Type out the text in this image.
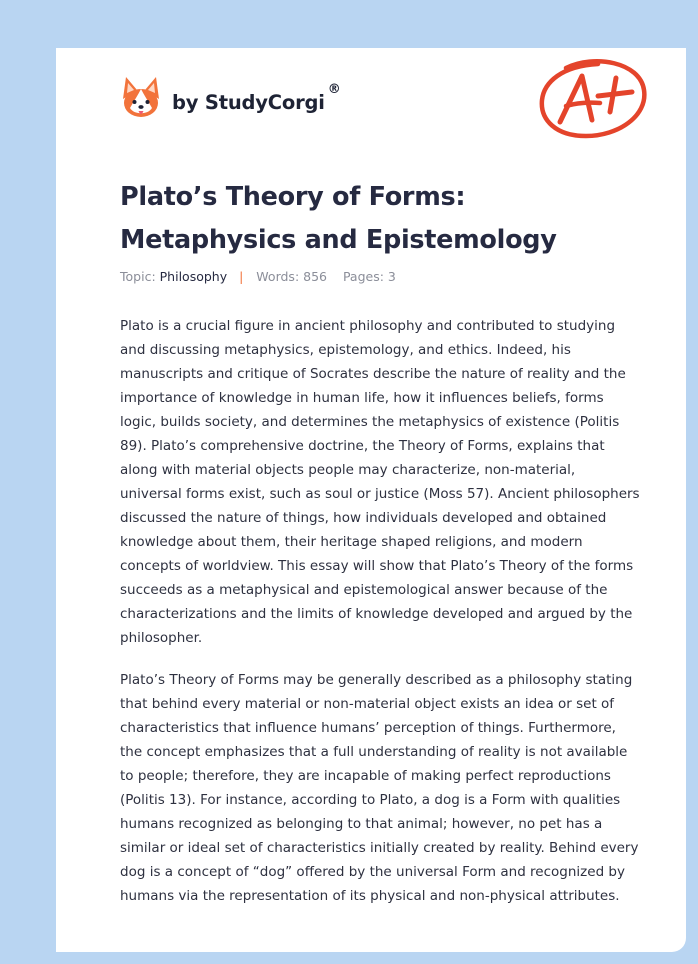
by StudyCorgi
®
Plato’s Theory of Forms: Metaphysics and Epistemology
Topic: Philosophy | Words: 856 Pages: 3

Plato is a crucial figure in ancient philosophy and contributed to studying and discussing metaphysics, epistemology, and ethics. Indeed, his manuscripts and critique of Socrates describe the nature of reality and the importance of knowledge in human life, how it influences beliefs, forms logic, builds society, and determines the metaphysics of existence (Politis 89). Plato’s comprehensive doctrine, the Theory of Forms, explains that along with material objects people may characterize, non-material, universal forms exist, such as soul or justice (Moss 57). Ancient philosophers discussed the nature of things, how individuals developed and obtained knowledge about them, their heritage shaped religions, and modern concepts of worldview. This essay will show that Plato’s Theory of the forms succeeds as a metaphysical and epistemological answer because of the characterizations and the limits of knowledge developed and argued by the philosopher.

Plato’s Theory of Forms may be generally described as a philosophy stating that behind every material or non-material object exists an idea or set of characteristics that influence humans’ perception of things. Furthermore, the concept emphasizes that a full understanding of reality is not available to people; therefore, they are incapable of making perfect reproductions (Politis 13). For instance, according to Plato, a dog is a Form with qualities humans recognized as belonging to that animal; however, no pet has a similar or ideal set of characteristics initially created by reality. Behind every dog is a concept of “dog” offered by the universal Form and recognized by humans via the representation of its physical and non-physical attributes.
